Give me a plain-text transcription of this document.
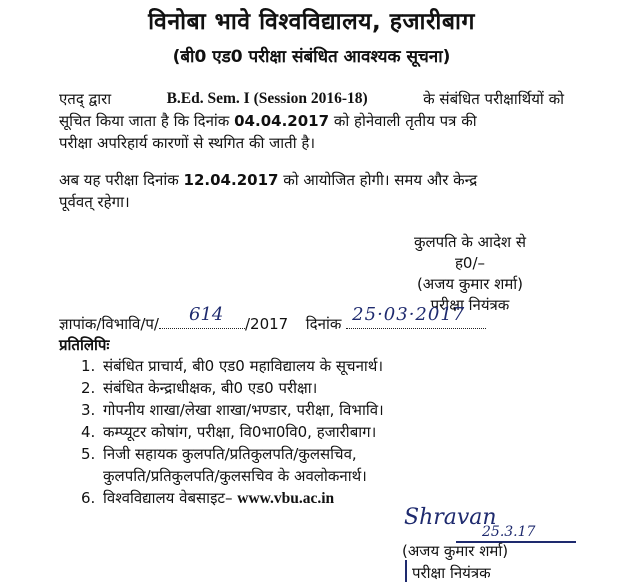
विनोबा भावे विश्वविद्यालय, हजारीबाग
(बी0 एड0 परीक्षा संबंधित आवश्यक सूचना)
एतद् द्वारा	B.Ed. Sem. I (Session 2016-18)	के संबंधित परीक्षार्थियों को
सूचित किया जाता है कि दिनांक 04.04.2017 को होनेवाली तृतीय पत्र की
परीक्षा अपरिहार्य कारणों से स्थगित की जाती है।
अब यह परीक्षा दिनांक 12.04.2017 को आयोजित होगी। समय और केन्द्र
पूर्ववत् रहेगा।
कुलपति के आदेश से
ह0/–
(अजय कुमार शर्मा)
परीक्षा नियंत्रक
ज्ञापांक/विभावि/प/ 614 /2017 दिनांक 25·03·2017
प्रतिलिपिः
1. संबंधित प्राचार्य, बी0 एड0 महाविद्यालय के सूचनार्थ।
2. संबंधित केन्द्राधीक्षक, बी0 एड0 परीक्षा।
3. गोपनीय शाखा/लेखा शाखा/भण्डार, परीक्षा, विभावि।
4. कम्प्यूटर कोषांग, परीक्षा, वि0भा0वि0, हजारीबाग।
5. निजी सहायक कुलपति/प्रतिकुलपति/कुलसचिव,
कुलपति/प्रतिकुलपति/कुलसचिव के अवलोकनार्थ।
6. विश्वविद्यालय वेबसाइट– www.vbu.ac.in
Shravan
25.3.17
(अजय कुमार शर्मा)
परीक्षा नियंत्रक
